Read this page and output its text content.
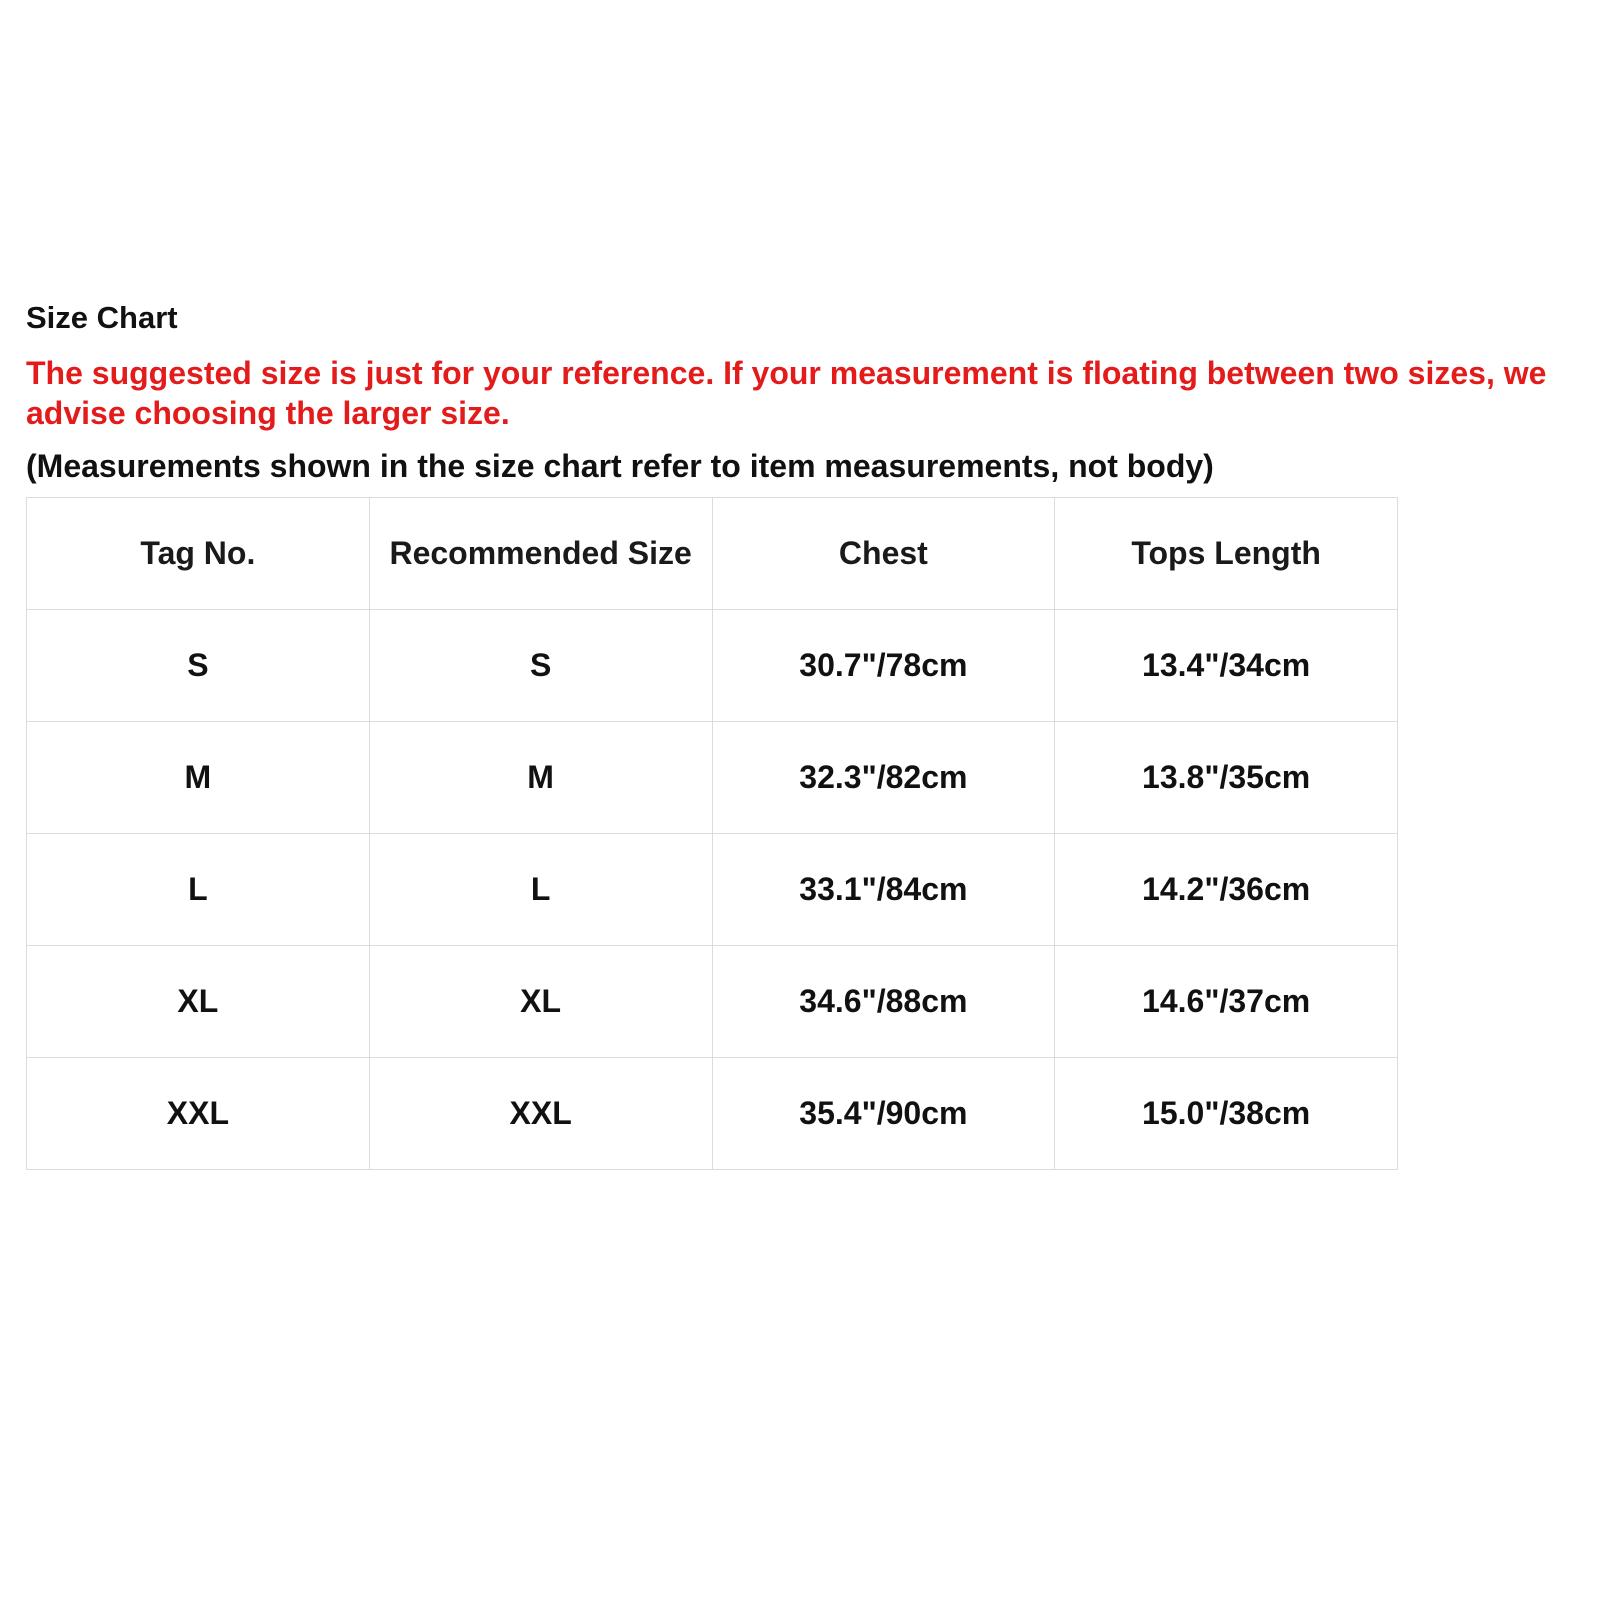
Size Chart
The suggested size is just for your reference. If your measurement is floating between two sizes, we
advise choosing the larger size.
(Measurements shown in the size chart refer to item measurements, not body)
Tag No.	Recommended Size	Chest	Tops Length
S	S	30.7"/78cm	13.4"/34cm
M	M	32.3"/82cm	13.8"/35cm
L	L	33.1"/84cm	14.2"/36cm
XL	XL	34.6"/88cm	14.6"/37cm
XXL	XXL	35.4"/90cm	15.0"/38cm
